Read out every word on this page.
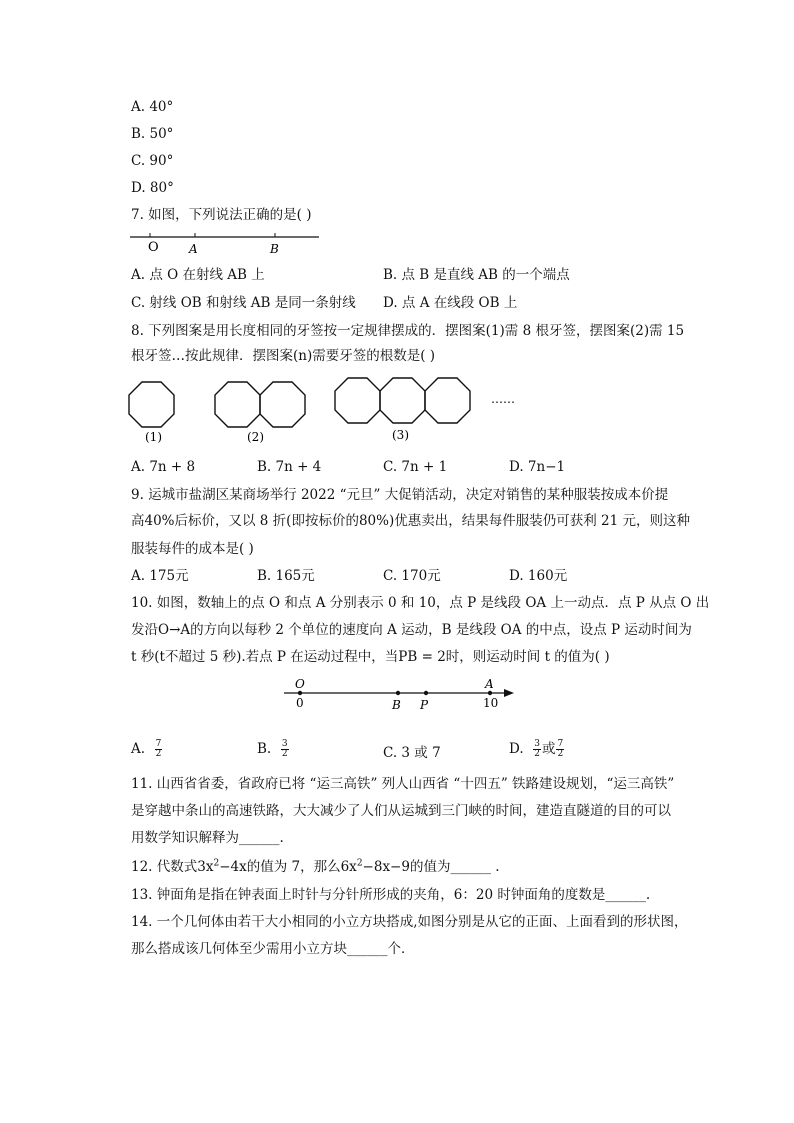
A. 40°
B. 50°
C. 90°
D. 80°
7. 如图，下列说法正确的是( )
O	A	B
A. 点 O 在射线 AB 上	B. 点 B 是直线 AB 的一个端点
C. 射线 OB 和射线 AB 是同一条射线 D. 点 A 在线段 OB 上
8. 下列图案是用长度相同的牙签按一定规律摆成的．摆图案(1)需 8 根牙签，摆图案(2)需 15
根牙签…按此规律．摆图案(n)需要牙签的根数是( )
……
(1)	(2)	(3)
A. 7n + 8	B. 7n + 4	C. 7n + 1	D. 7n−1
9. 运城市盐湖区某商场举行 2022 “元旦” 大促销活动，决定对销售的某种服装按成本价提
高40%后标价，又以 8 折(即按标价的80%)优惠卖出，结果每件服装仍可获利 21 元，则这种
服装每件的成本是( )
A. 175元	B. 165元	C. 170元	D. 160元
10. 如图，数轴上的点 O 和点 A 分别表示 0 和 10，点 P 是线段 OA 上一动点．点 P 从点 O 出
发沿O→A的方向以每秒 2 个单位的速度向 A 运动，B 是线段 OA 的中点，设点 P 运动时间为
t 秒(t不超过 5 秒).若点 P 在运动过程中，当PB = 2时，则运动时间 t 的值为( )
O
0	B P
A
10
A. $\frac{7}{2}$	B. $\frac{3}{2}$	C. 3 或 7	D. $\frac{3}{2}$ 或 $\frac{7}{2}$
11. 山西省省委，省政府已将 “运三高铁” 列人山西省 “十四五” 铁路建设规划，“运三高铁”
是穿越中条山的高速铁路，大大减少了人们从运城到三门峡的时间，建造直隧道的目的可以
用数学知识解释为______.
12. 代数式$3x^2-4x$的值为 7，那么$6x^2-8x-9$的值为______ .
13. 钟面角是指在钟表面上时针与分针所形成的夹角，6：20 时钟面角的度数是______.
14. 一个几何体由若干大小相同的小立方块搭成,如图分别是从它的正面、上面看到的形状图，
那么搭成该几何体至少需用小立方块______个．
